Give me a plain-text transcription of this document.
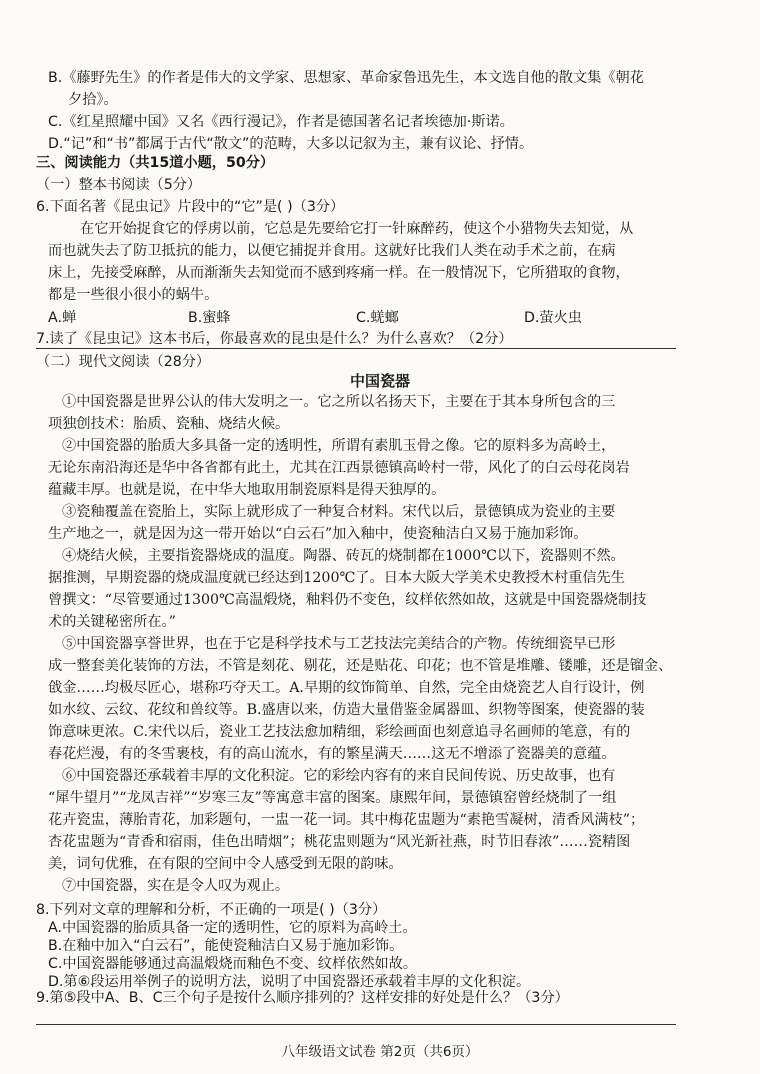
B.《藤野先生》的作者是伟大的文学家、思想家、革命家鲁迅先生，本文选自他的散文集《朝花
夕拾》。
C.《红星照耀中国》又名《西行漫记》，作者是德国著名记者埃德加·斯诺。
D.“记”和“书”都属于古代“散文”的范畴，大多以记叙为主，兼有议论、抒情。
三、阅读能力（共15道小题，50分）
（一）整本书阅读（5分）
6.下面名著《昆虫记》片段中的“它”是( )（3分）
在它开始捉食它的俘虏以前，它总是先要给它打一针麻醉药，使这个小猎物失去知觉，从
而也就失去了防卫抵抗的能力，以便它捕捉并食用。这就好比我们人类在动手术之前，在病
床上，先接受麻醉，从而渐渐失去知觉而不感到疼痛一样。在一般情况下，它所猎取的食物，
都是一些很小很小的蜗牛。
A.蝉	B.蜜蜂	C.蜣螂	D.萤火虫
7.读了《昆虫记》这本书后，你最喜欢的昆虫是什么？为什么喜欢？（2分）
（二）现代文阅读（28分）
中国瓷器
①中国瓷器是世界公认的伟大发明之一。它之所以名扬天下，主要在于其本身所包含的三
项独创技术：胎质、瓷釉、烧结火候。
②中国瓷器的胎质大多具备一定的透明性，所谓有素肌玉骨之像。它的原料多为高岭土，
无论东南沿海还是华中各省都有此土，尤其在江西景德镇高岭村一带，风化了的白云母花岗岩
蕴藏丰厚。也就是说，在中华大地取用制瓷原料是得天独厚的。
③瓷釉覆盖在瓷胎上，实际上就形成了一种复合材料。宋代以后，景德镇成为瓷业的主要
生产地之一，就是因为这一带开始以“白云石”加入釉中，使瓷釉洁白又易于施加彩饰。
④烧结火候，主要指瓷器烧成的温度。陶器、砖瓦的烧制都在1000℃以下，瓷器则不然。
据推测，早期瓷器的烧成温度就已经达到1200℃了。日本大阪大学美术史教授木村重信先生
曾撰文：“尽管要通过1300℃高温煅烧，釉料仍不变色，纹样依然如故，这就是中国瓷器烧制技
术的关键秘密所在。”
⑤中国瓷器享誉世界，也在于它是科学技术与工艺技法完美结合的产物。传统细瓷早已形
成一整套美化装饰的方法，不管是刻花、剔花，还是贴花、印花；也不管是堆雕、镂雕，还是镏金、
戗金……均极尽匠心，堪称巧夺天工。A.早期的纹饰简单、自然，完全由烧瓷艺人自行设计，例
如水纹、云纹、花纹和兽纹等。B.盛唐以来，仿造大量借鉴金属器皿、织物等图案，使瓷器的装
饰意味更浓。C.宋代以后，瓷业工艺技法愈加精细，彩绘画面也刻意追寻名画师的笔意，有的
春花烂漫，有的冬雪裹枝，有的高山流水，有的繁星满天……这无不增添了瓷器美的意蕴。
⑥中国瓷器还承载着丰厚的文化积淀。它的彩绘内容有的来自民间传说、历史故事，也有
“犀牛望月”“龙凤吉祥”“岁寒三友”等寓意丰富的图案。康熙年间，景德镇窑曾经烧制了一组
花卉瓷盅，薄胎青花，加彩题句，一盅一花一词。其中梅花盅题为“素艳雪凝树，清香风满枝”；
杏花盅题为“青香和宿雨，佳色出晴烟”；桃花盅则题为“风光新社燕，时节旧春浓”……瓷精图
美，词句优雅，在有限的空间中令人感受到无限的韵味。
⑦中国瓷器，实在是令人叹为观止。
8.下列对文章的理解和分析，不正确的一项是( )（3分）
A.中国瓷器的胎质具备一定的透明性，它的原料为高岭土。
B.在釉中加入“白云石”，能使瓷釉洁白又易于施加彩饰。
C.中国瓷器能够通过高温煅烧而釉色不变、纹样依然如故。
D.第⑥段运用举例子的说明方法，说明了中国瓷器还承载着丰厚的文化积淀。
八年级语文试卷 第2页（共6页）
9.第⑤段中A、B、C三个句子是按什么顺序排列的？这样安排的好处是什么？（3分）
